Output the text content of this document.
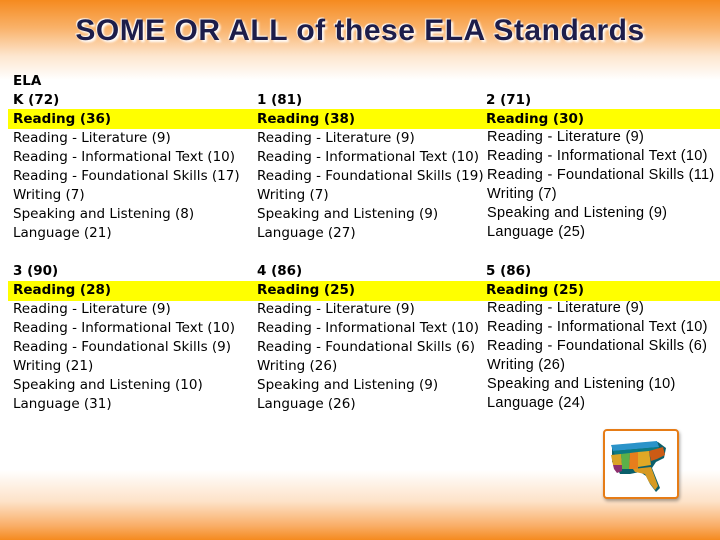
SOME OR ALL of these ELA Standards
ELA
K (72)
Reading (36)
Reading - Literature (9)
Reading - Informational Text (10)
Reading - Foundational Skills (17)
Writing (7)
Speaking and Listening (8)
Language (21)
1 (81)
Reading (38)
Reading - Literature (9)
Reading - Informational Text (10)
Reading - Foundational Skills (19)
Writing (7)
Speaking and Listening (9)
Language (27)
2 (71)
Reading (30)
Reading - Literature (9)
Reading - Informational Text (10)
Reading - Foundational Skills (11)
Writing (7)
Speaking and Listening (9)
Language (25)
3 (90)
Reading (28)
Reading - Literature (9)
Reading - Informational Text (10)
Reading - Foundational Skills (9)
Writing (21)
Speaking and Listening (10)
Language (31)
4 (86)
Reading (25)
Reading - Literature (9)
Reading - Informational Text (10)
Reading - Foundational Skills (6)
Writing (26)
Speaking and Listening (9)
Language (26)
5 (86)
Reading (25)
Reading - Literature (9)
Reading - Informational Text (10)
Reading - Foundational Skills (6)
Writing (26)
Speaking and Listening (10)
Language (24)
